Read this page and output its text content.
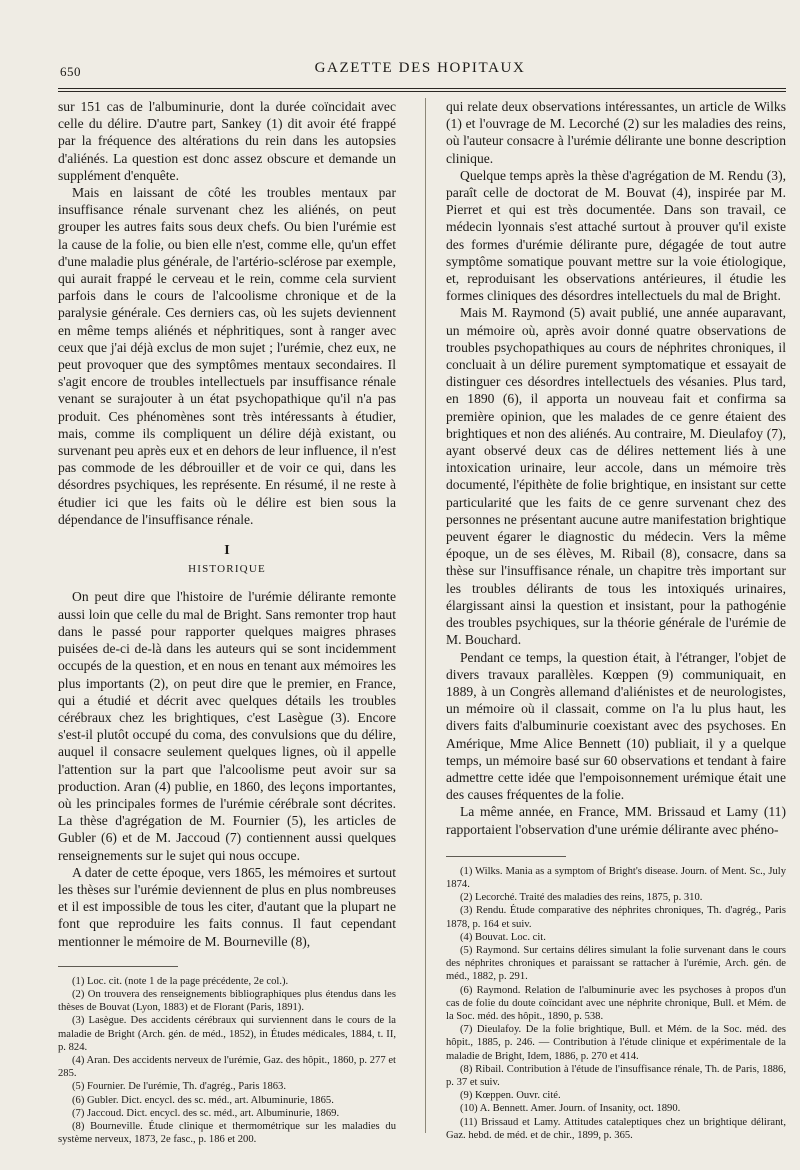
650	GAZETTE DES HOPITAUX

sur 151 cas de l'albuminurie, dont la durée coïncidait avec celle du délire. D'autre part, Sankey (1) dit avoir été frappé par la fréquence des altérations du rein dans les autopsies d'aliénés. La question est donc assez obscure et demande un supplément d'enquête.

Mais en laissant de côté les troubles mentaux par insuffisance rénale survenant chez les aliénés, on peut grouper les autres faits sous deux chefs. Ou bien l'urémie est la cause de la folie, ou bien elle n'est, comme elle, qu'un effet d'une maladie plus générale, de l'artério-sclérose par exemple, qui aurait frappé le cerveau et le rein, comme cela survient parfois dans le cours de l'alcoolisme chronique et de la paralysie générale. Ces derniers cas, où les sujets deviennent en même temps aliénés et néphritiques, sont à ranger avec ceux que j'ai déjà exclus de mon sujet ; l'urémie, chez eux, ne peut provoquer que des symptômes mentaux secondaires. Il s'agit encore de troubles intellectuels par insuffisance rénale venant se surajouter à un état psychopathique qu'il n'a pas produit. Ces phénomènes sont très intéressants à étudier, mais, comme ils compliquent un délire déjà existant, ou survenant peu après eux et en dehors de leur influence, il n'est pas commode de les débrouiller et de voir ce qui, dans les désordres psychiques, les représente. En résumé, il ne reste à étudier ici que les faits où le délire est bien sous la dépendance de l'insuffisance rénale.

I
HISTORIQUE

On peut dire que l'histoire de l'urémie délirante remonte aussi loin que celle du mal de Bright. Sans remonter trop haut dans le passé pour rapporter quelques maigres phrases puisées de-ci de-là dans les auteurs qui se sont incidemment occupés de la question, et en nous en tenant aux mémoires les plus importants (2), on peut dire que le premier, en France, qui a étudié et décrit avec quelques détails les troubles cérébraux chez les brightiques, c'est Lasègue (3). Encore s'est-il plutôt occupé du coma, des convulsions que du délire, auquel il consacre seulement quelques lignes, où il appelle l'attention sur la part que l'alcoolisme peut avoir sur sa production. Aran (4) publie, en 1860, des leçons importantes, où les principales formes de l'urémie cérébrale sont décrites. La thèse d'agrégation de M. Fournier (5), les articles de Gubler (6) et de M. Jaccoud (7) contiennent aussi quelques renseignements sur le sujet qui nous occupe.

A dater de cette époque, vers 1865, les mémoires et surtout les thèses sur l'urémie deviennent de plus en plus nombreuses et il est impossible de tous les citer, d'autant que la plupart ne font que reproduire les faits connus. Il faut cependant mentionner le mémoire de M. Bourneville (8),

(1) Loc. cit. (note 1 de la page précédente, 2e col.).

(2) On trouvera des renseignements bibliographiques plus étendus dans les thèses de Bouvat (Lyon, 1883) et de Florant (Paris, 1891).

(3) Lasègue. Des accidents cérébraux qui surviennent dans le cours de la maladie de Bright (Arch. gén. de méd., 1852), in Études médicales, 1884, t. II, p. 824.

(4) Aran. Des accidents nerveux de l'urémie, Gaz. des hôpit., 1860, p. 277 et 285.

(5) Fournier. De l'urémie, Th. d'agrég., Paris 1863.

(6) Gubler. Dict. encycl. des sc. méd., art. Albuminurie, 1865.

(7) Jaccoud. Dict. encycl. des sc. méd., art. Albuminurie, 1869.

(8) Bourneville. Étude clinique et thermométrique sur les maladies du système nerveux, 1873, 2e fasc., p. 186 et 200.

qui relate deux observations intéressantes, un article de Wilks (1) et l'ouvrage de M. Lecorché (2) sur les maladies des reins, où l'auteur consacre à l'urémie délirante une bonne description clinique.

Quelque temps après la thèse d'agrégation de M. Rendu (3), paraît celle de doctorat de M. Bouvat (4), inspirée par M. Pierret et qui est très documentée. Dans son travail, ce médecin lyonnais s'est attaché surtout à prouver qu'il existe des formes d'urémie délirante pure, dégagée de tout autre symptôme somatique pouvant mettre sur la voie étiologique, et, reproduisant les observations antérieures, il étudie les formes cliniques des désordres intellectuels du mal de Bright.

Mais M. Raymond (5) avait publié, une année auparavant, un mémoire où, après avoir donné quatre observations de troubles psychopathiques au cours de néphrites chroniques, il concluait à un délire purement symptomatique et essayait de distinguer ces désordres intellectuels des vésanies. Plus tard, en 1890 (6), il apporta un nouveau fait et confirma sa première opinion, que les malades de ce genre étaient des brightiques et non des aliénés. Au contraire, M. Dieulafoy (7), ayant observé deux cas de délires nettement liés à une intoxication urinaire, leur accole, dans un mémoire très documenté, l'épithète de folie brightique, en insistant sur cette particularité que les faits de ce genre survenant chez des personnes ne présentant aucune autre manifestation brightique peuvent égarer le diagnostic du médecin. Vers la même époque, un de ses élèves, M. Ribail (8), consacre, dans sa thèse sur l'insuffisance rénale, un chapitre très important sur les troubles délirants de tous les intoxiqués urinaires, élargissant ainsi la question et insistant, pour la pathogénie des troubles psychiques, sur la théorie générale de l'urémie de M. Bouchard.

Pendant ce temps, la question était, à l'étranger, l'objet de divers travaux parallèles. Kœppen (9) communiquait, en 1889, à un Congrès allemand d'aliénistes et de neurologistes, un mémoire où il classait, comme on l'a lu plus haut, les divers faits d'albuminurie coexistant avec des psychoses. En Amérique, Mme Alice Bennett (10) publiait, il y a quelque temps, un mémoire basé sur 60 observations et tendant à faire admettre cette idée que l'empoisonnement urémique était une des causes fréquentes de la folie.

La même année, en France, MM. Brissaud et Lamy (11) rapportaient l'observation d'une urémie délirante avec phéno-

(1) Wilks. Mania as a symptom of Bright's disease. Journ. of Ment. Sc., July 1874.

(2) Lecorché. Traité des maladies des reins, 1875, p. 310.

(3) Rendu. Étude comparative des néphrites chroniques, Th. d'agrég., Paris 1878, p. 164 et suiv.

(4) Bouvat. Loc. cit.

(5) Raymond. Sur certains délires simulant la folie survenant dans le cours des néphrites chroniques et paraissant se rattacher à l'urémie, Arch. gén. de méd., 1882, p. 291.

(6) Raymond. Relation de l'albuminurie avec les psychoses à propos d'un cas de folie du doute coïncidant avec une néphrite chronique, Bull. et Mém. de la Soc. méd. des hôpit., 1890, p. 538.

(7) Dieulafoy. De la folie brightique, Bull. et Mém. de la Soc. méd. des hôpit., 1885, p. 246. — Contribution à l'étude clinique et expérimentale de la maladie de Bright, Idem, 1886, p. 270 et 414.

(8) Ribail. Contribution à l'étude de l'insuffisance rénale, Th. de Paris, 1886, p. 37 et suiv.

(9) Kœppen. Ouvr. cité.

(10) A. Bennett. Amer. Journ. of Insanity, oct. 1890.

(11) Brissaud et Lamy. Attitudes cataleptiques chez un brightique délirant, Gaz. hebd. de méd. et de chir., 1899, p. 365.
